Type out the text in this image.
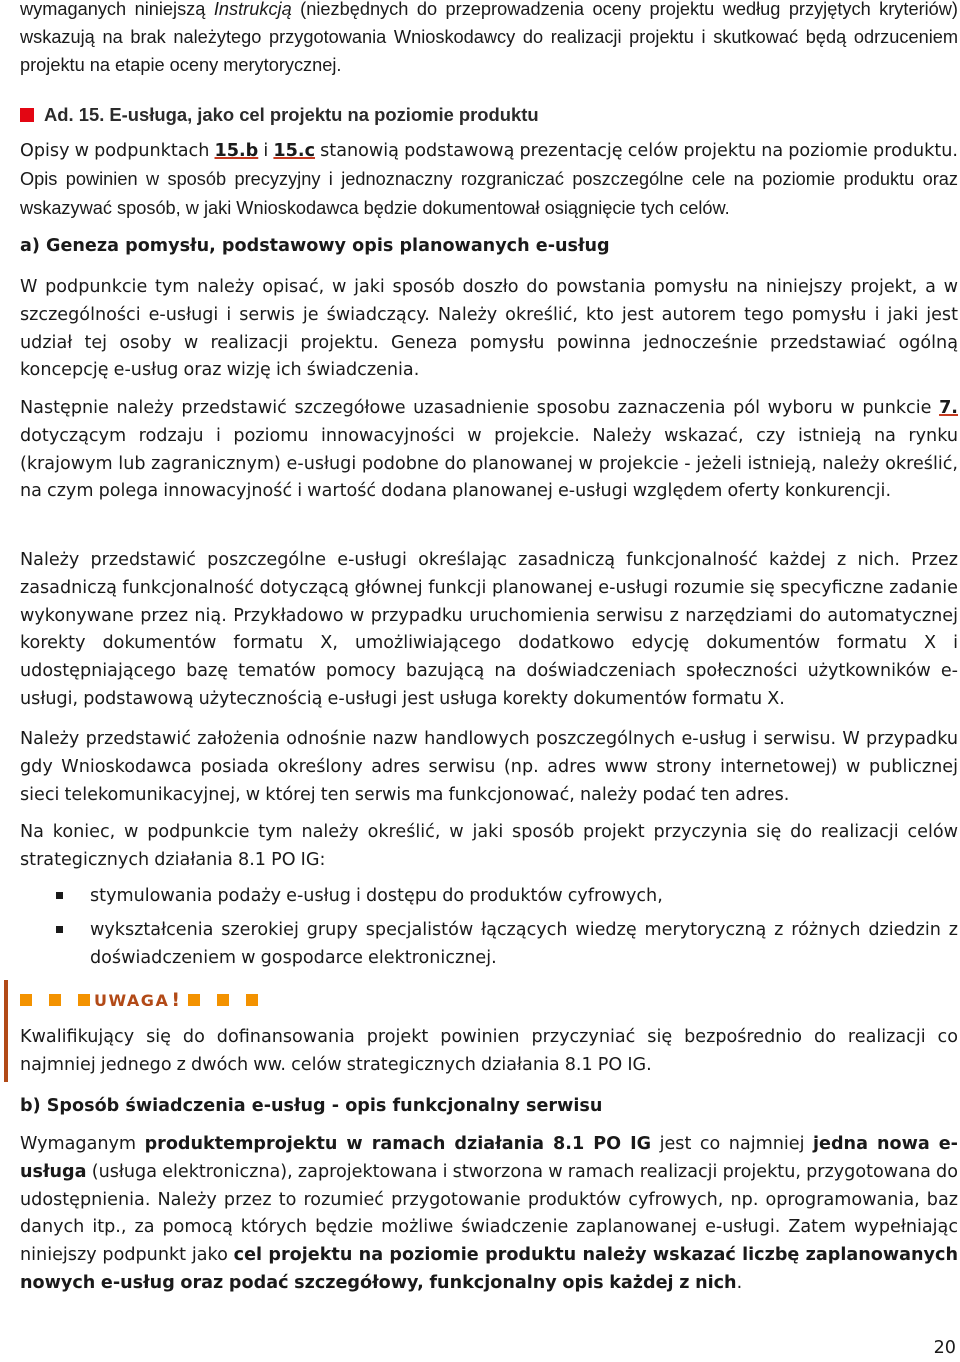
wymaganych niniejszą Instrukcją (niezbędnych do przeprowadzenia oceny projektu według przyjętych kryteriów) wskazują na brak należytego przygotowania Wnioskodawcy do realizacji projektu i skutkować będą odrzuceniem projektu na etapie oceny merytorycznej.

Ad. 15. E-usługa, jako cel projektu na poziomie produktu

Opisy w podpunktach 15.b i 15.c stanowią podstawową prezentację celów projektu na poziomie produktu. Opis powinien w sposób precyzyjny i jednoznaczny rozgraniczać poszczególne cele na poziomie produktu oraz wskazywać sposób, w jaki Wnioskodawca będzie dokumentował osiągnięcie tych celów.

a) Geneza pomysłu, podstawowy opis planowanych e-usług

W podpunkcie tym należy opisać, w jaki sposób doszło do powstania pomysłu na niniejszy projekt, a w szczególności e-usługi i serwis je świadczący. Należy określić, kto jest autorem tego pomysłu i jaki jest udział tej osoby w realizacji projektu. Geneza pomysłu powinna jednocześnie przedstawiać ogólną koncepcję e-usług oraz wizję ich świadczenia.

Następnie należy przedstawić szczegółowe uzasadnienie sposobu zaznaczenia pól wyboru w punkcie 7. dotyczącym rodzaju i poziomu innowacyjności w projekcie. Należy wskazać, czy istnieją na rynku (krajowym lub zagranicznym) e-usługi podobne do planowanej w projekcie - jeżeli istnieją, należy określić, na czym polega innowacyjność i wartość dodana planowanej e-usługi względem oferty konkurencji.

Należy przedstawić poszczególne e-usługi określając zasadniczą funkcjonalność każdej z nich. Przez zasadniczą funkcjonalność dotyczącą głównej funkcji planowanej e-usługi rozumie się specyficzne zadanie wykonywane przez nią. Przykładowo w przypadku uruchomienia serwisu z narzędziami do automatycznej korekty dokumentów formatu X, umożliwiającego dodatkowo edycję dokumentów formatu X i udostępniającego bazę tematów pomocy bazującą na doświadczeniach społeczności użytkowników e-usługi, podstawową użytecznością e-usługi jest usługa korekty dokumentów formatu X.

Należy przedstawić założenia odnośnie nazw handlowych poszczególnych e-usług i serwisu. W przypadku gdy Wnioskodawca posiada określony adres serwisu (np. adres www strony internetowej) w publicznej sieci telekomunikacyjnej, w której ten serwis ma funkcjonować, należy podać ten adres.

Na koniec, w podpunkcie tym należy określić, w jaki sposób projekt przyczynia się do realizacji celów strategicznych działania 8.1 PO IG:

stymulowania podaży e-usług i dostępu do produktów cyfrowych,
wykształcenia szerokiej grupy specjalistów łączących wiedzę merytoryczną z różnych dziedzin z doświadczeniem w gospodarce elektronicznej.
UWAGA !

Kwalifikujący się do dofinansowania projekt powinien przyczyniać się bezpośrednio do realizacji co najmniej jednego z dwóch ww. celów strategicznych działania 8.1 PO IG.

b) Sposób świadczenia e-usług - opis funkcjonalny serwisu

Wymaganym produktemprojektu w ramach działania 8.1 PO IG jest co najmniej jedna nowa e-usługa (usługa elektroniczna), zaprojektowana i stworzona w ramach realizacji projektu, przygotowana do udostępnienia. Należy przez to rozumieć przygotowanie produktów cyfrowych, np. oprogramowania, baz danych itp., za pomocą których będzie możliwe świadczenie zaplanowanej e-usługi. Zatem wypełniając niniejszy podpunkt jako cel projektu na poziomie produktu należy wskazać liczbę zaplanowanych nowych e-usług oraz podać szczegółowy, funkcjonalny opis każdej z nich.

20
